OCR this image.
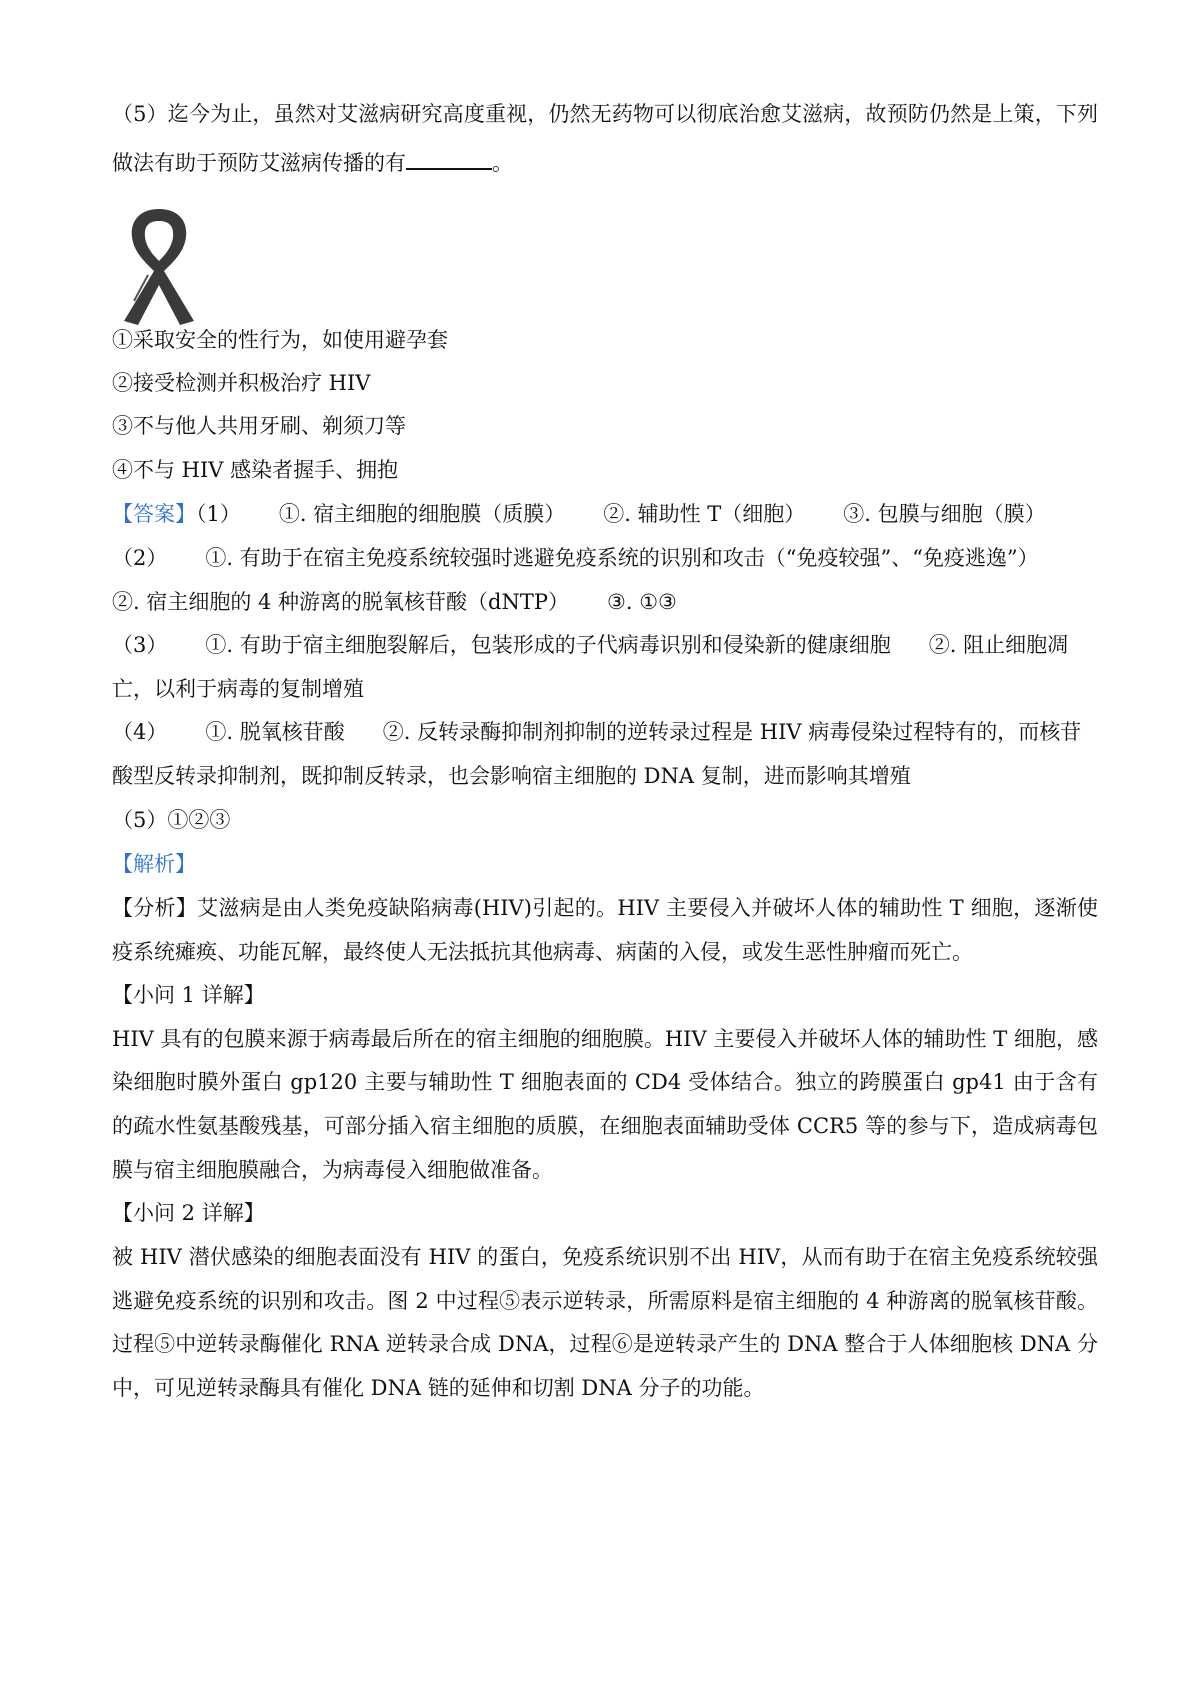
（5）迄今为止，虽然对艾滋病研究高度重视，仍然无药物可以彻底治愈艾滋病，故预防仍然是上策，下列
做法有助于预防艾滋病传播的有	。
①采取安全的性行为，如使用避孕套
②接受检测并积极治疗 HIV
③不与他人共用牙刷、剃须刀等
④不与 HIV 感染者握手、拥抱
【答案】（1） ①. 宿主细胞的细胞膜（质膜） ②. 辅助性 T（细胞） ③. 包膜与细胞（膜）
（2） ①. 有助于在宿主免疫系统较强时逃避免疫系统的识别和攻击（“免疫较强”、“免疫逃逸”）
②. 宿主细胞的 4 种游离的脱氧核苷酸（dNTP） ③. ①③
（3） ①. 有助于宿主细胞裂解后，包装形成的子代病毒识别和侵染新的健康细胞 ②. 阻止细胞凋
亡，以利于病毒的复制增殖
（4） ①. 脱氧核苷酸 ②. 反转录酶抑制剂抑制的逆转录过程是 HIV 病毒侵染过程特有的，而核苷
酸型反转录抑制剂，既抑制反转录，也会影响宿主细胞的 DNA 复制，进而影响其增殖
（5）①②③
【解析】
【分析】艾滋病是由人类免疫缺陷病毒(HIV)引起的。HIV 主要侵入并破坏人体的辅助性 T 细胞，逐渐使
疫系统瘫痪、功能瓦解，最终使人无法抵抗其他病毒、病菌的入侵，或发生恶性肿瘤而死亡。
【小问 1 详解】
HIV 具有的包膜来源于病毒最后所在的宿主细胞的细胞膜。HIV 主要侵入并破坏人体的辅助性 T 细胞，感
染细胞时膜外蛋白 gp120 主要与辅助性 T 细胞表面的 CD4 受体结合。独立的跨膜蛋白 gp41 由于含有
的疏水性氨基酸残基，可部分插入宿主细胞的质膜，在细胞表面辅助受体 CCR5 等的参与下，造成病毒包
膜与宿主细胞膜融合，为病毒侵入细胞做准备。
【小问 2 详解】
被 HIV 潜伏感染的细胞表面没有 HIV 的蛋白，免疫系统识别不出 HIV，从而有助于在宿主免疫系统较强
逃避免疫系统的识别和攻击。图 2 中过程⑤表示逆转录，所需原料是宿主细胞的 4 种游离的脱氧核苷酸。
过程⑤中逆转录酶催化 RNA 逆转录合成 DNA，过程⑥是逆转录产生的 DNA 整合于人体细胞核 DNA 分
中，可见逆转录酶具有催化 DNA 链的延伸和切割 DNA 分子的功能。
